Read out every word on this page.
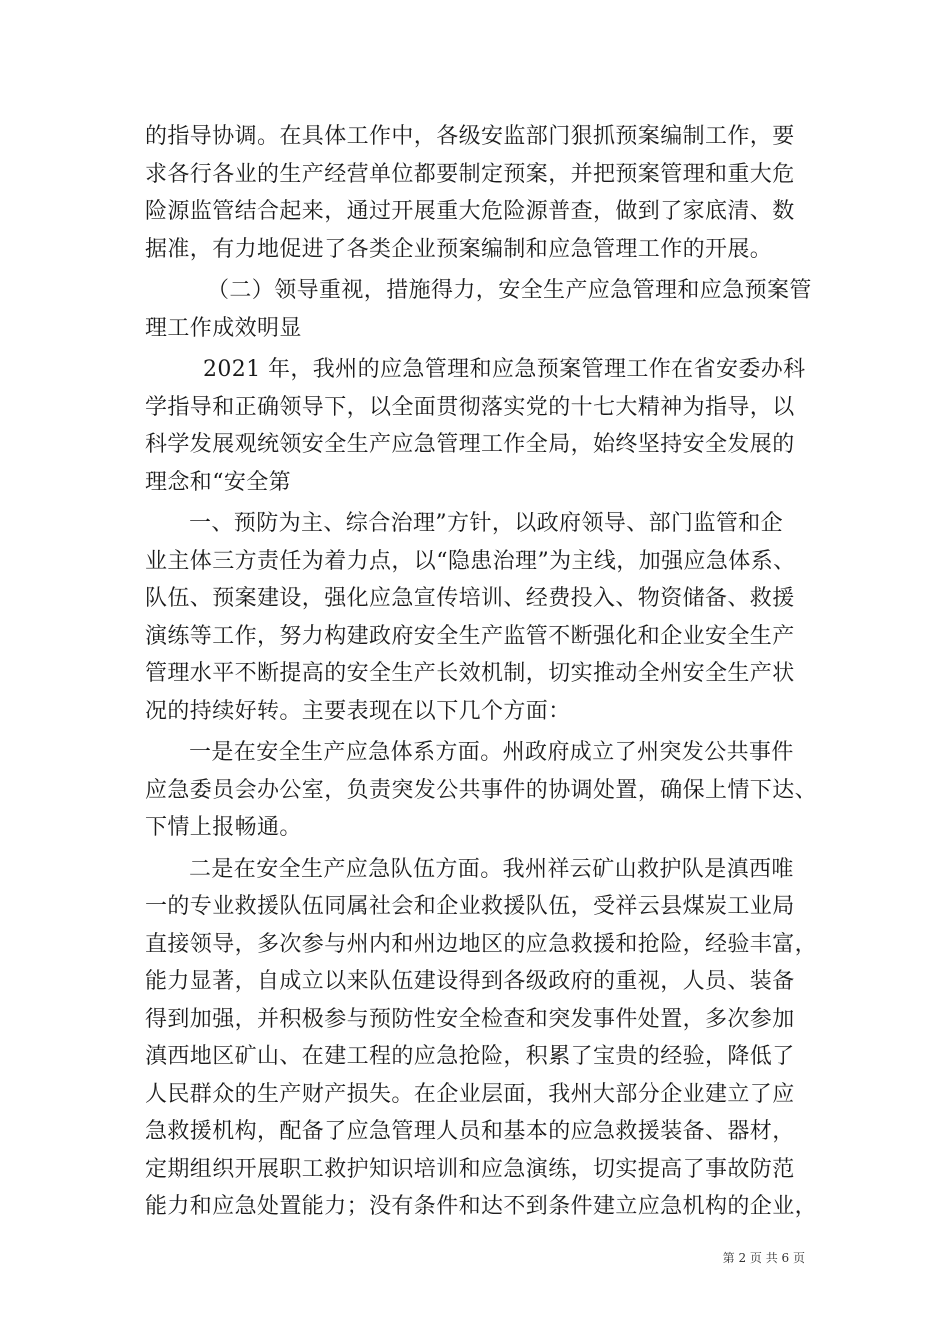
的指导协调。在具体工作中，各级安监部门狠抓预案编制工作，要
求各行各业的生产经营单位都要制定预案，并把预案管理和重大危
险源监管结合起来，通过开展重大危险源普查，做到了家底清、数
据准，有力地促进了各类企业预案编制和应急管理工作的开展。
（二）领导重视，措施得力，安全生产应急管理和应急预案管
理工作成效明显
2021 年，我州的应急管理和应急预案管理工作在省安委办科
学指导和正确领导下，以全面贯彻落实党的十七大精神为指导，以
科学发展观统领安全生产应急管理工作全局，始终坚持安全发展的
理念和“安全第
一、预防为主、综合治理”方针，以政府领导、部门监管和企
业主体三方责任为着力点，以“隐患治理”为主线，加强应急体系、
队伍、预案建设，强化应急宣传培训、经费投入、物资储备、救援
演练等工作，努力构建政府安全生产监管不断强化和企业安全生产
管理水平不断提高的安全生产长效机制，切实推动全州安全生产状
况的持续好转。主要表现在以下几个方面：
一是在安全生产应急体系方面。州政府成立了州突发公共事件
应急委员会办公室，负责突发公共事件的协调处置，确保上情下达、
下情上报畅通。
二是在安全生产应急队伍方面。我州祥云矿山救护队是滇西唯
一的专业救援队伍同属社会和企业救援队伍，受祥云县煤炭工业局
直接领导，多次参与州内和州边地区的应急救援和抢险，经验丰富，
能力显著，自成立以来队伍建设得到各级政府的重视，人员、装备
得到加强，并积极参与预防性安全检查和突发事件处置，多次参加
滇西地区矿山、在建工程的应急抢险，积累了宝贵的经验，降低了
人民群众的生产财产损失。在企业层面，我州大部分企业建立了应
急救援机构，配备了应急管理人员和基本的应急救援装备、器材，
定期组织开展职工救护知识培训和应急演练，切实提高了事故防范
能力和应急处置能力；没有条件和达不到条件建立应急机构的企业，
第 2 页 共 6 页
